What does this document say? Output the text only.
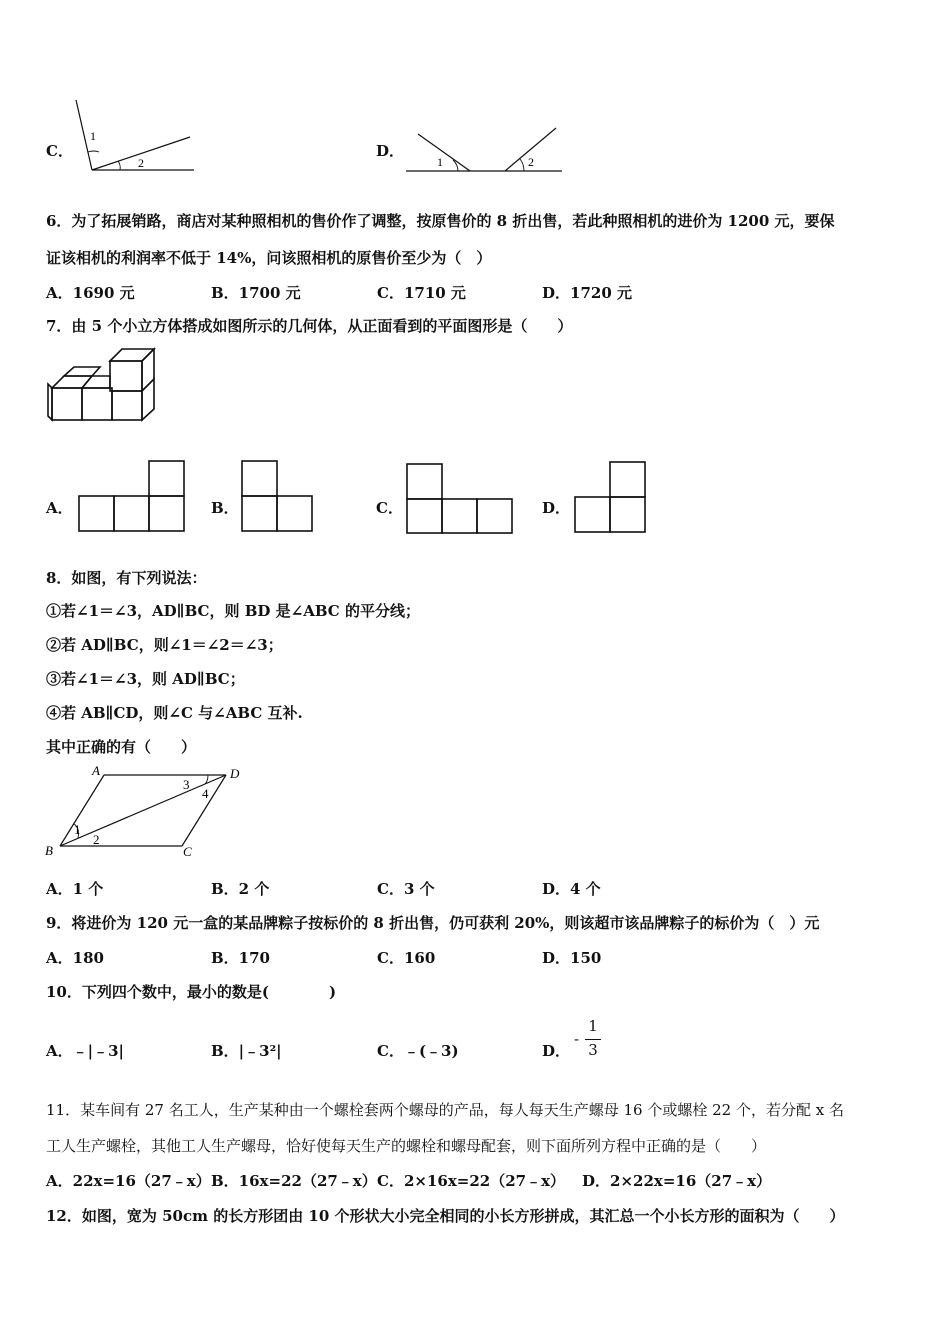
C．
1
2
D．
1	2
6．为了拓展销路，商店对某种照相机的售价作了调整，按原售价的 8 折出售，若此种照相机的进价为 1200 元，要保
证该相机的利润率不低于 14%，问该照相机的原售价至少为（　）
A．1690 元	B．1700 元	C．1710 元	D．1720 元
7．由 5 个小立方体搭成如图所示的几何体，从正面看到的平面图形是（　　）
A．	B．	C．	D．
8．如图，有下列说法：
①若∠1＝∠3，AD∥BC，则 BD 是∠ABC 的平分线；
②若 AD∥BC，则∠1＝∠2＝∠3；
③若∠1＝∠3，则 AD∥BC；
④若 AB∥CD，则∠C 与∠ABC 互补.
其中正确的有（　　）
A	D
B	C
1
2
3
4
A．1 个	B．2 个	C．3 个	D．4 个
9．将进价为 120 元一盒的某品牌粽子按标价的 8 折出售，仍可获利 20%，则该超市该品牌粽子的标价为（　）元
A．180	B．170	C．160	D．150
10．下列四个数中，最小的数是(　　　　)
A．﹣|﹣3|	B．|﹣3²|	C．﹣(﹣3)	D．
-
1
3
11．某车间有 27 名工人，生产某种由一个螺栓套两个螺母的产品，每人每天生产螺母 16 个或螺栓 22 个，若分配 x 名
工人生产螺栓，其他工人生产螺母，恰好使每天生产的螺栓和螺母配套，则下面所列方程中正确的是（　　）
A．22x=16（27﹣x） B．16x=22（27﹣x） C．2×16x=22（27﹣x） D．2×22x=16（27﹣x）
12．如图，宽为 50cm 的长方形团由 10 个形状大小完全相同的小长方形拼成，其汇总一个小长方形的面积为（　　）
